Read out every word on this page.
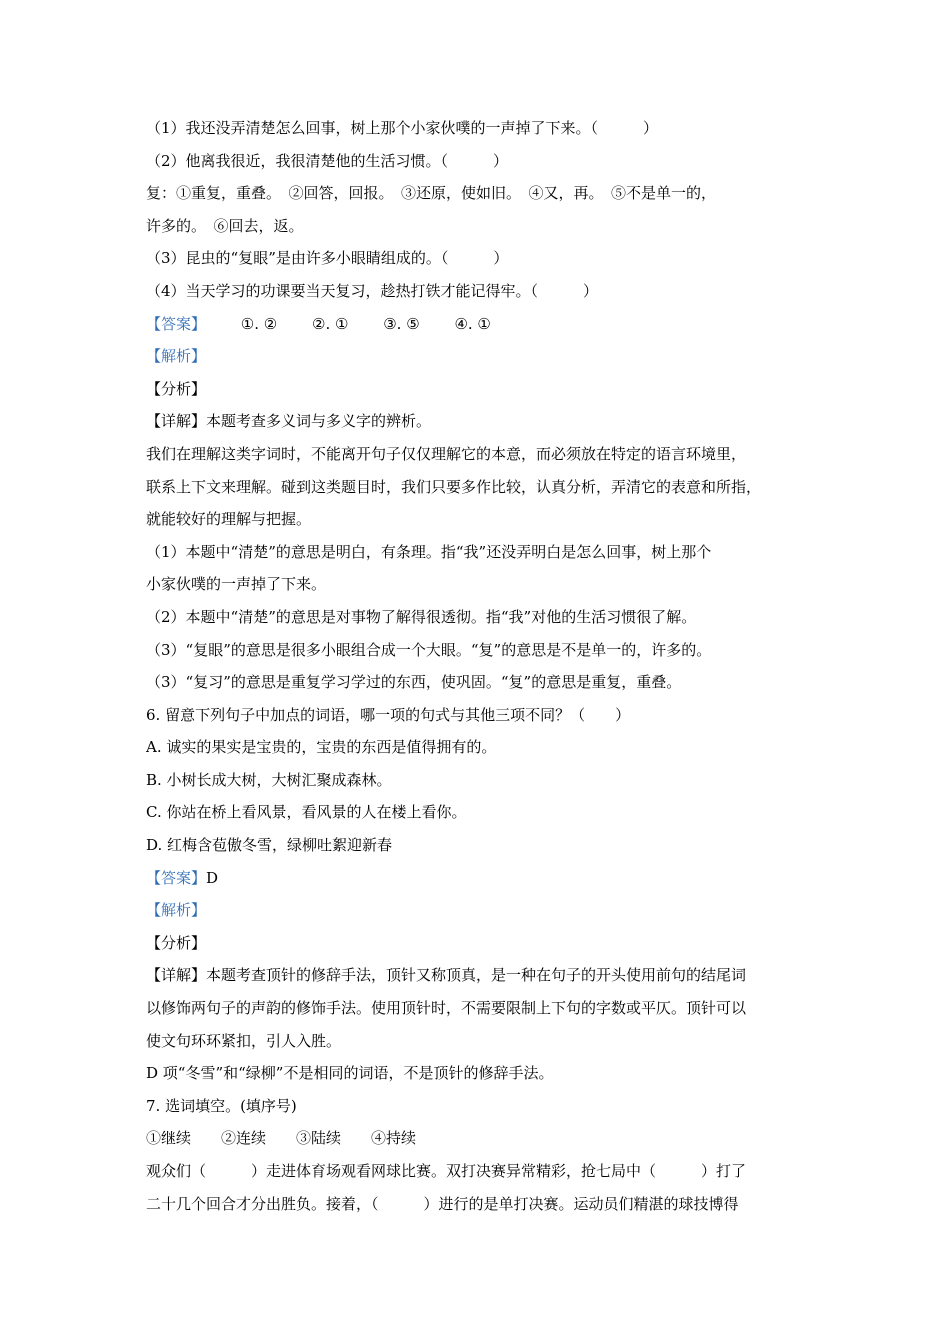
（1）我还没弄清楚怎么回事，树上那个小家伙噗的一声掉了下来。（　　　）
（2）他离我很近，我很清楚他的生活习惯。（　　　）
复：①重复，重叠。　②回答，回报。　③还原，使如旧。　④又，再。　⑤不是单一的，
许多的。　⑥回去，返。
（3）昆虫的“复眼”是由许多小眼睛组成的。（　　　）
（4）当天学习的功课要当天复习，趁热打铁才能记得牢。（　　　）
【答案】 ①. ② ②. ① ③. ⑤ ④. ①
【解析】
【分析】
【详解】本题考查多义词与多义字的辨析。
我们在理解这类字词时，不能离开句子仅仅理解它的本意，而必须放在特定的语言环境里，
联系上下文来理解。碰到这类题目时，我们只要多作比较，认真分析，弄清它的表意和所指，
就能较好的理解与把握。
（1）本题中“清楚”的意思是明白，有条理。指“我”还没弄明白是怎么回事，树上那个
小家伙噗的一声掉了下来。
（2）本题中“清楚”的意思是对事物了解得很透彻。指“我”对他的生活习惯很了解。
（3）“复眼”的意思是很多小眼组合成一个大眼。“复”的意思是不是单一的，许多的。
（3）“复习”的意思是重复学习学过的东西，使巩固。“复”的意思是重复，重叠。
6. 留意下列句子中加点的词语，哪一项的句式与其他三项不同？（　　）
A. 诚实的果实是宝贵的，宝贵的东西是值得拥有的。
B. 小树长成大树，大树汇聚成森林。
C. 你站在桥上看风景，看风景的人在楼上看你。
D. 红梅含苞傲冬雪，绿柳吐絮迎新春
【答案】D
【解析】
【分析】
【详解】本题考查顶针的修辞手法，顶针又称顶真，是一种在句子的开头使用前句的结尾词
以修饰两句子的声韵的修饰手法。使用顶针时，不需要限制上下句的字数或平仄。顶针可以
使文句环环紧扣，引人入胜。
D 项“冬雪”和“绿柳”不是相同的词语，不是顶针的修辞手法。
7. 选词填空。(填序号)
①继续　　②连续　　③陆续　　④持续
观众们（　　　）走进体育场观看网球比赛。双打决赛异常精彩，抢七局中（　　　）打了
二十几个回合才分出胜负。接着，（　　　）进行的是单打决赛。运动员们精湛的球技博得
